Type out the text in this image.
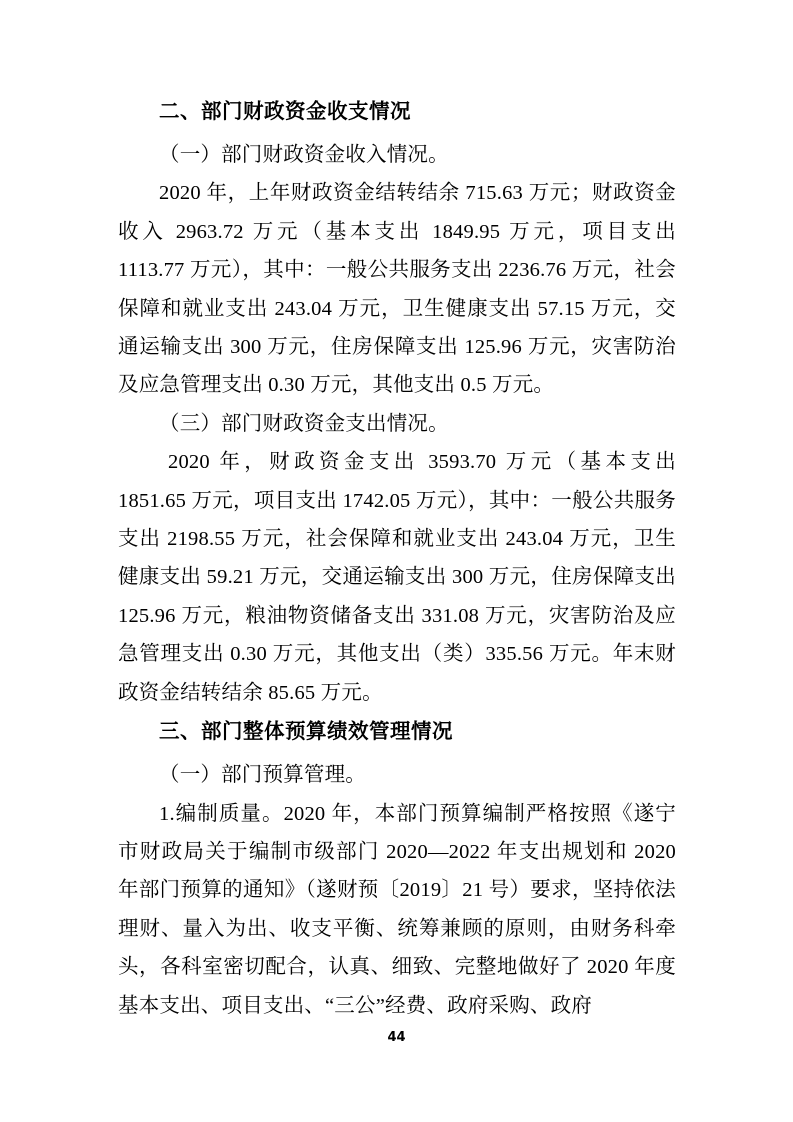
二、部门财政资金收支情况

（一）部门财政资金收入情况。

2020 年，上年财政资金结转结余 715.63 万元；财政资金收入 2963.72 万元（基本支出 1849.95 万元，项目支出 1113.77 万元），其中：一般公共服务支出 2236.76 万元，社会保障和就业支出 243.04 万元，卫生健康支出 57.15 万元，交通运输支出 300 万元，住房保障支出 125.96 万元，灾害防治及应急管理支出 0.30 万元，其他支出 0.5 万元。

（三）部门财政资金支出情况。

2020 年，财政资金支出 3593.70 万元（基本支出 1851.65 万元，项目支出 1742.05 万元），其中：一般公共服务支出 2198.55 万元，社会保障和就业支出 243.04 万元，卫生健康支出 59.21 万元，交通运输支出 300 万元，住房保障支出 125.96 万元，粮油物资储备支出 331.08 万元，灾害防治及应急管理支出 0.30 万元，其他支出（类）335.56 万元。年末财政资金结转结余 85.65 万元。

三、部门整体预算绩效管理情况

（一）部门预算管理。

1.编制质量。2020 年，本部门预算编制严格按照《遂宁市财政局关于编制市级部门 2020—2022 年支出规划和 2020 年部门预算的通知》（遂财预〔2019〕21 号）要求，坚持依法理财、量入为出、收支平衡、统筹兼顾的原则，由财务科牵头，各科室密切配合，认真、细致、完整地做好了 2020 年度基本支出、项目支出、“三公”经费、政府采购、政府

44
